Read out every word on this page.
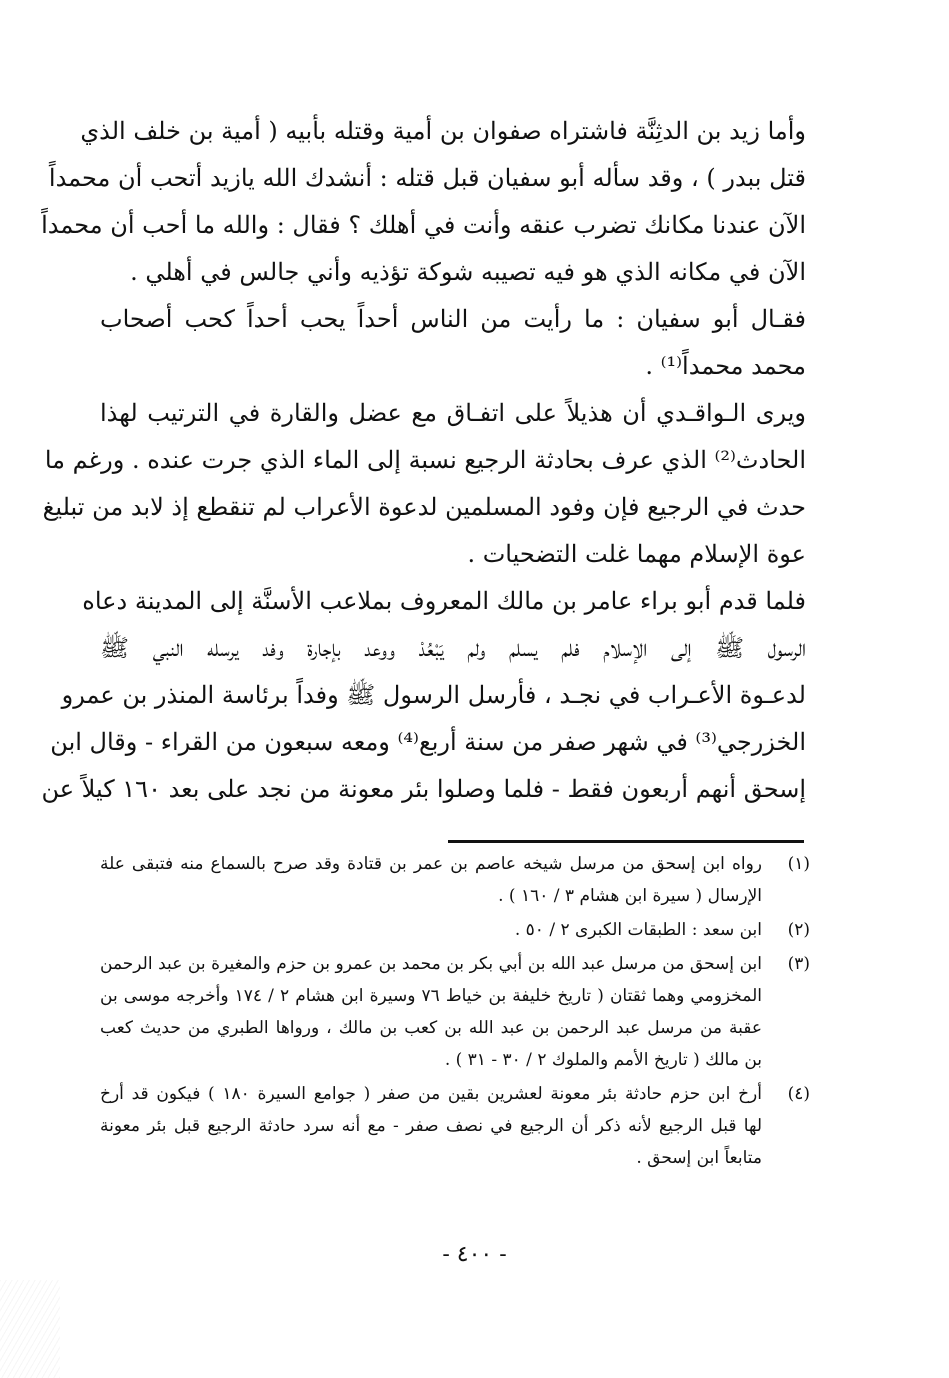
وأما زيد بن الدثِنَّة فاشتراه صفوان بن أمية وقتله بأبيه ( أمية بن خلف الذي
قتل ببدر ) ، وقد سأله أبو سفيان قبل قتله : أنشدك الله يازيد أتحب أن محمداً
الآن عندنا مكانك تضرب عنقه وأنت في أهلك ؟ فقال : والله ما أحب أن محمداً
الآن في مكانه الذي هو فيه تصيبه شوكة تؤذيه وأني جالس في أهلي .
فقـال أبو سفيان : ما رأيت من الناس أحداً يحب أحداً كحب أصحاب
محمد محمداً⁽¹⁾ .
ويرى الـواقـدي أن هذيلاً على اتفـاق مع عضل والقارة في الترتيب لهذا
الحادث⁽²⁾ الذي عرف بحادثة الرجيع نسبة إلى الماء الذي جرت عنده . ورغم ما
حدث في الرجيع فإن وفود المسلمين لدعوة الأعراب لم تنقطع إذ لابد من تبليغ
عوة الإسلام مهما غلت التضحيات .
فلما قدم أبو براء عامر بن مالك المعروف بملاعب الأسنَّة إلى المدينة دعاه
الرسول ﷺ إلى الإسلام فلم يسلم ولم يَبْعُدْ ووعد بإجارة وفد يرسله النبي ﷺ
لدعـوة الأعـراب في نجـد ، فأرسل الرسول ﷺ وفداً برئاسة المنذر بن عمرو
الخزرجي⁽³⁾ في شهر صفر من سنة أربع⁽⁴⁾ ومعه سبعون من القراء - وقال ابن
إسحق أنهم أربعون فقط - فلما وصلوا بئر معونة من نجد على بعد ١٦٠ كيلاً عن
(١)
رواه ابن إسحق من مرسل شيخه عاصم بن عمر بن قتادة وقد صرح بالسماع منه فتبقى علة
الإرسال ( سيرة ابن هشام ٣ / ١٦٠ ) .
(٢)
ابن سعد : الطبقات الكبرى ٢ / ٥٠ .
(٣)
ابن إسحق من مرسل عبد الله بن أبي بكر بن محمد بن عمرو بن حزم والمغيرة بن عبد الرحمن
المخزومي وهما ثقتان ( تاريخ خليفة بن خياط ٧٦ وسيرة ابن هشام ٢ / ١٧٤ وأخرجه موسى بن
عقبة من مرسل عبد الرحمن بن عبد الله بن كعب بن مالك ، ورواها الطبري من حديث كعب
بن مالك ( تاريخ الأمم والملوك ٢ / ٣٠ - ٣١ ) .
(٤)
أرخ ابن حزم حادثة بئر معونة لعشرين بقين من صفر ( جوامع السيرة ١٨٠ ) فيكون قد أرخ
لها قبل الرجيع لأنه ذكر أن الرجيع في نصف صفر - مع أنه سرد حادثة الرجيع قبل بئر معونة
متابعاً ابن إسحق .
- ٤٠٠ -
